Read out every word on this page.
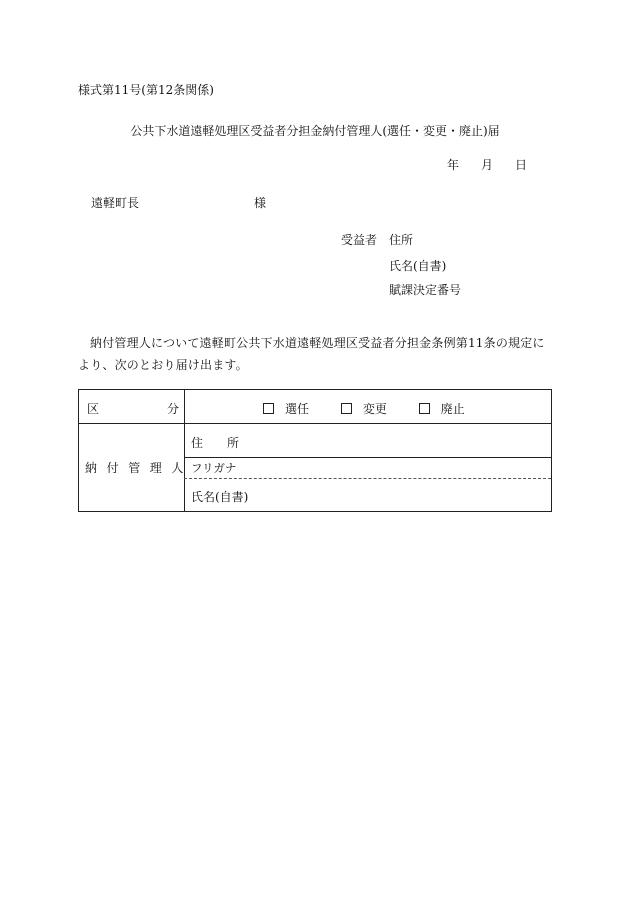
様式第11号(第12条関係)
公共下水道遠軽処理区受益者分担金納付管理人(選任・変更・廃止)届
年 月 日
遠軽町長	様
受益者 住所
氏名(自書)
賦課決定番号
納付管理人について遠軽町公共下水道遠軽処理区受益者分担金条例第11条の規定により、次のとおり届け出ます。
区	分	選任	変更	廃止
納付管理人
住 所
フリガナ
氏名(自書)
